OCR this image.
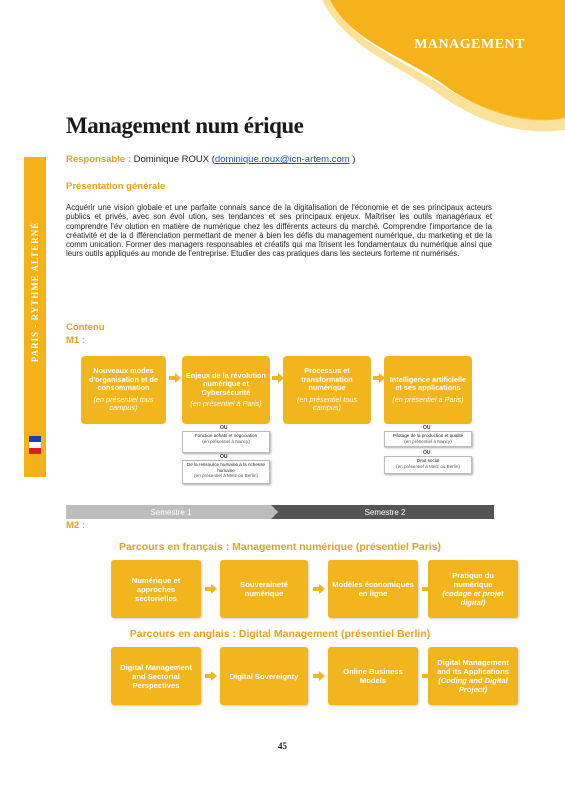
MANAGEMENT
PARIS - RYTHME ALTERNÉ
Management num érique
Responsable : Dominique ROUX (dominique.roux@icn-artem.com )
Présentation générale
Acquérir une vision globale et une parfaite connais sance de la digitalisation de l'économie et de ses principaux acteurs publics et privés, avec son évol ution, ses tendances et ses principaux enjeux. Maîtriser les outils managériaux et comprendre l'év olution en matière de numérique chez les différents acteurs du marché. Comprendre l'importance de la créativité et de la d ifférenciation permettant de mener à bien les défis du management numérique, du marketing et de la comm unication. Former des managers responsables et créatifs qui ma îtrisent les fondamentaux du numérique ainsi que leurs outils appliqués au monde de l'entreprise. Etudier des cas pratiques dans les secteurs forteme nt numérisés.
Contenu
M1 :
Nouveaux modes d'organisation et de consommation
(en présentiel tous campus)
Enjeux de la révolution numérique et Cybersécurité
(en présentiel à Paris)
Processus et transformation numérique
(en présentiel tous campus)
Intelligence artificielle et ses applications
(en présentiel à Paris)
OU
Fonction achats et négociation
(en présentiel à Nancy)
OU
De la ressource humaine à la richesse humaine
(en présentiel à Metz ou Berlin)
OU
Pilotage de la production et qualité
(en présentiel à Nancy)
OU
Droit social
(en présentiel à Metz ou Berlin)
Semestre 1	Semestre 2
M2 :
Parcours en français : Management numérique (présentiel Paris)
Numérique et approches sectorielles
Souveraineté numérique
Modèles économiques en ligne
Pratique du numérique
(codage et projet digital)
Parcours en anglais : Digital Management (présentiel Berlin)
Digital Management and Sectorial Perspectives
Digital Sovereignty	Online Business Models
Digital Management and its Applications
(Coding and Digital Project)
45
